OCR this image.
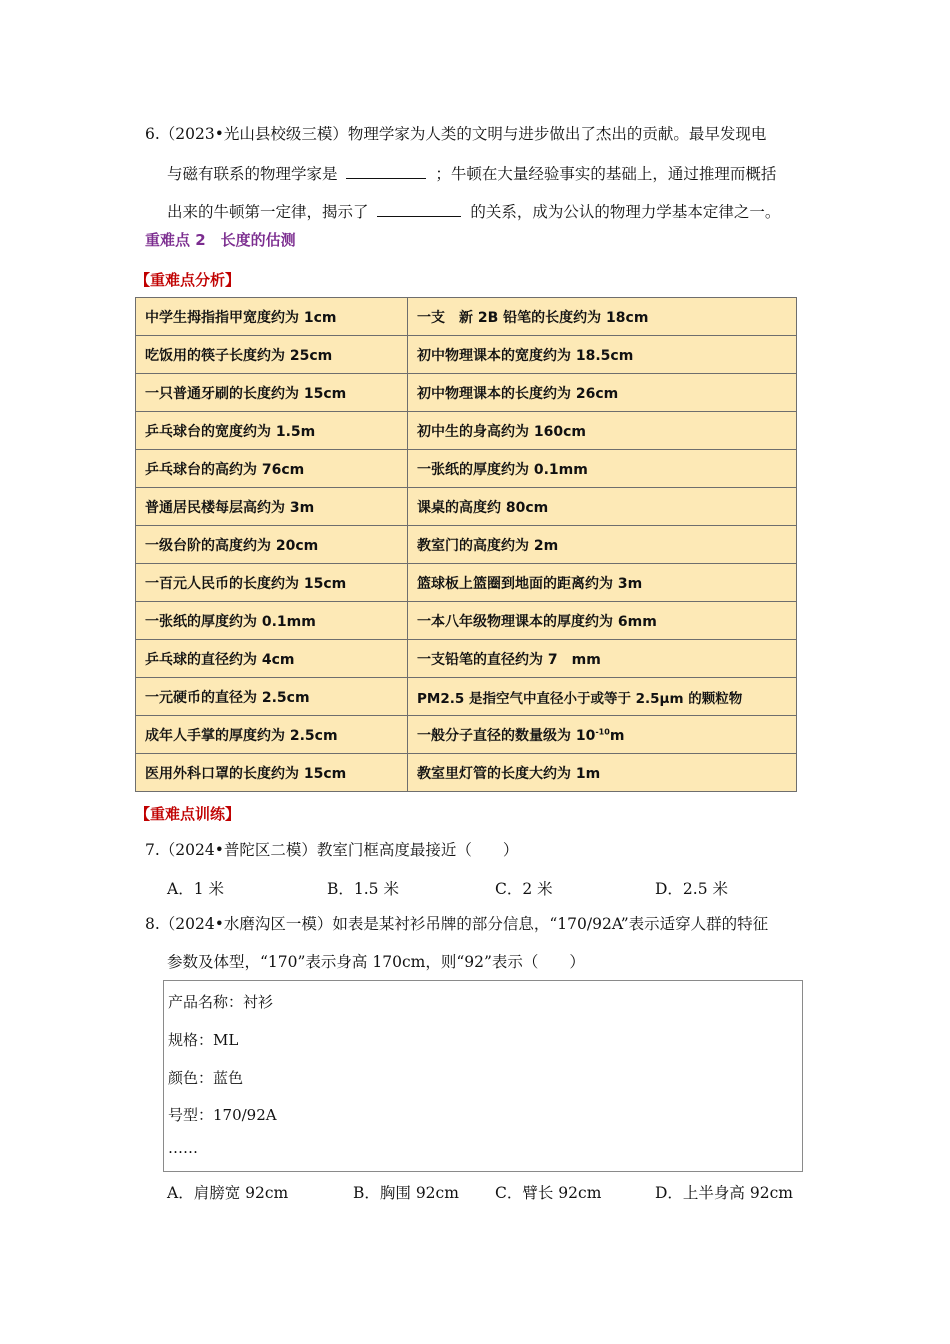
6.（2023•光山县校级三模）物理学家为人类的文明与进步做出了杰出的贡献。最早发现电
与磁有联系的物理学家是	；牛顿在大量经验事实的基础上，通过推理而概括
出来的牛顿第一定律，揭示了	的关系，成为公认的物理力学基本定律之一。
重难点 2　长度的估测
【重难点分析】
中学生拇指指甲宽度约为 1cm	一支　新 2B 铅笔的长度约为 18cm
吃饭用的筷子长度约为 25cm	初中物理课本的宽度约为 18.5cm
一只普通牙刷的长度约为 15cm	初中物理课本的长度约为 26cm
乒乓球台的宽度约为 1.5m	初中生的身高约为 160cm
乒乓球台的高约为 76cm	一张纸的厚度约为 0.1mm
普通居民楼每层高约为 3m	课桌的高度约 80cm
一级台阶的高度约为 20cm	教室门的高度约为 2m
一百元人民币的长度约为 15cm	篮球板上篮圈到地面的距离约为 3m
一张纸的厚度约为 0.1mm	一本八年级物理课本的厚度约为 6mm
乒乓球的直径约为 4cm	一支铅笔的直径约为 7　mm
一元硬币的直径为 2.5cm	PM2.5 是指空气中直径小于或等于 2.5μm 的颗粒物
成年人手掌的厚度约为 2.5cm	一般分子直径的数量级为 $10^{-10}m$
医用外科口罩的长度约为 15cm	教室里灯管的长度大约为 1m
【重难点训练】
7.（2024•普陀区二模）教室门框高度最接近（　　）
A．1 米	B．1.5 米	C．2 米	D．2.5 米
8.（2024•水磨沟区一模）如表是某衬衫吊牌的部分信息，“170/92A”表示适穿人群的特征
参数及体型，“170”表示身高 170cm，则“92”表示（　　）
产品名称：衬衫
规格：ML
颜色：蓝色
号型：170/92A
……
A．肩膀宽 92cm	B．胸围 92cm C．臂长 92cm	D．上半身高 92cm
